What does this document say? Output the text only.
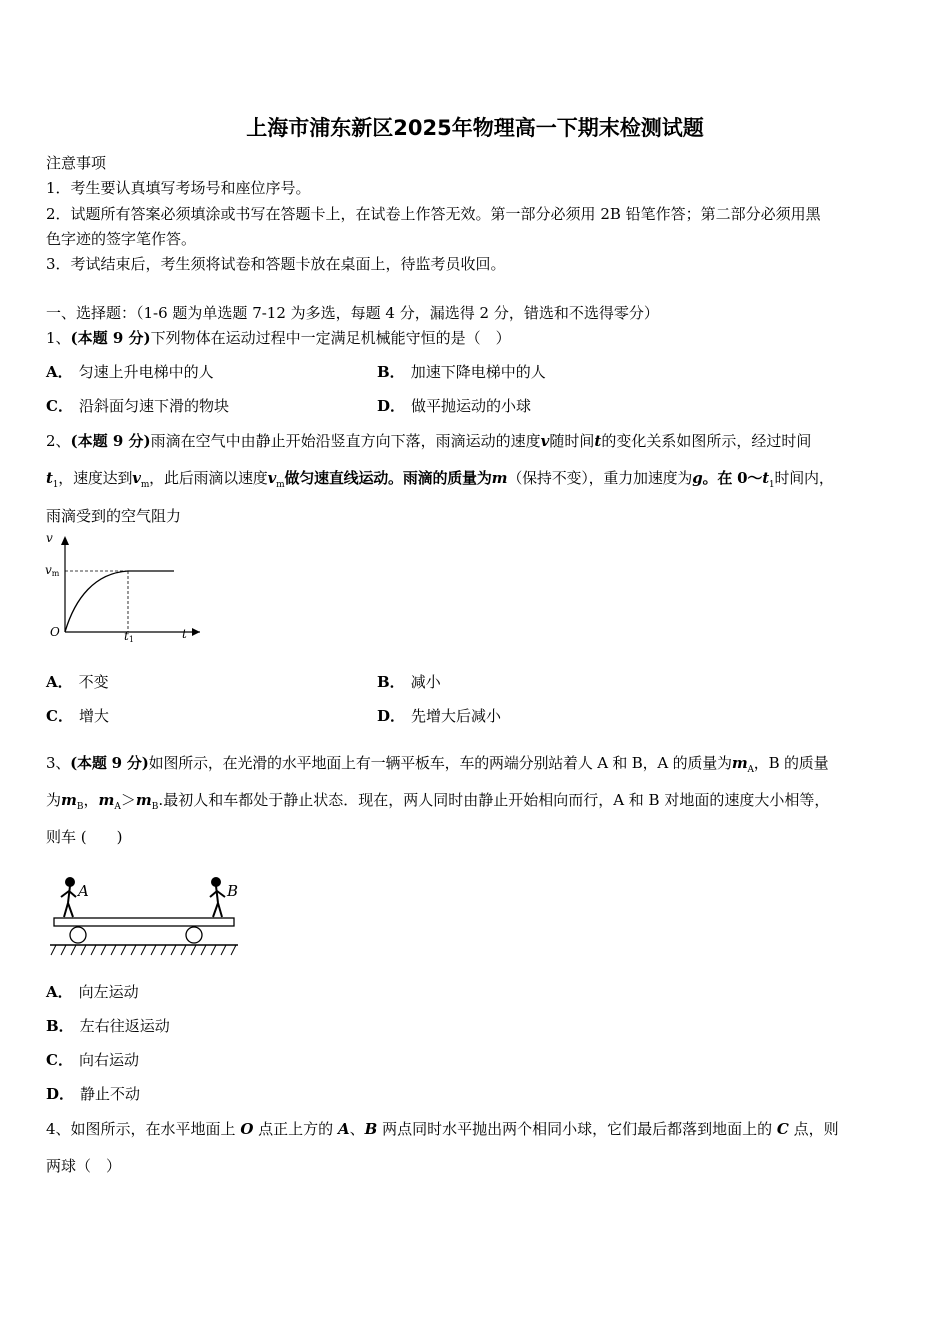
上海市浦东新区2025年物理高一下期末检测试题
注意事项
1．考生要认真填写考场号和座位序号。
2．试题所有答案必须填涂或书写在答题卡上，在试卷上作答无效。第一部分必须用 2B 铅笔作答；第二部分必须用黑
色字迹的签字笔作答。
3．考试结束后，考生须将试卷和答题卡放在桌面上，待监考员收回。
一、选择题：（1-6 题为单选题 7-12 为多选，每题 4 分，漏选得 2 分，错选和不选得零分）
1、(本题 9 分)下列物体在运动过程中一定满足机械能守恒的是（　）
A． 匀速上升电梯中的人	B． 加速下降电梯中的人
C． 沿斜面匀速下滑的物块	D． 做平抛运动的小球
2、(本题 9 分)雨滴在空气中由静止开始沿竖直方向下落，雨滴运动的速度v随时间t的变化关系如图所示，经过时间
$t_1$，速度达到$v_m$，此后雨滴以速度$v_m$做匀速直线运动。雨滴的质量为m（保持不变），重力加速度为g。在 $0\sim t_1$时间内，
雨滴受到的空气阻力
v
vm
O	t1	t
A． 不变	B． 减小
C． 增大	D． 先增大后减小
3、(本题 9 分)如图所示，在光滑的水平地面上有一辆平板车，车的两端分别站着人 A 和 B，A 的质量为$m_A$，B 的质量
为$m_B$，$m_A>m_B$.最初人和车都处于静止状态．现在，两人同时由静止开始相向而行，A 和 B 对地面的速度大小相等，
则车 (　　)
A	B
A． 向左运动
B． 左右往返运动
C． 向右运动
D． 静止不动
4、如图所示，在水平地面上 O 点正上方的 A、B 两点同时水平抛出两个相同小球，它们最后都落到地面上的 C 点，则
两球（　）
